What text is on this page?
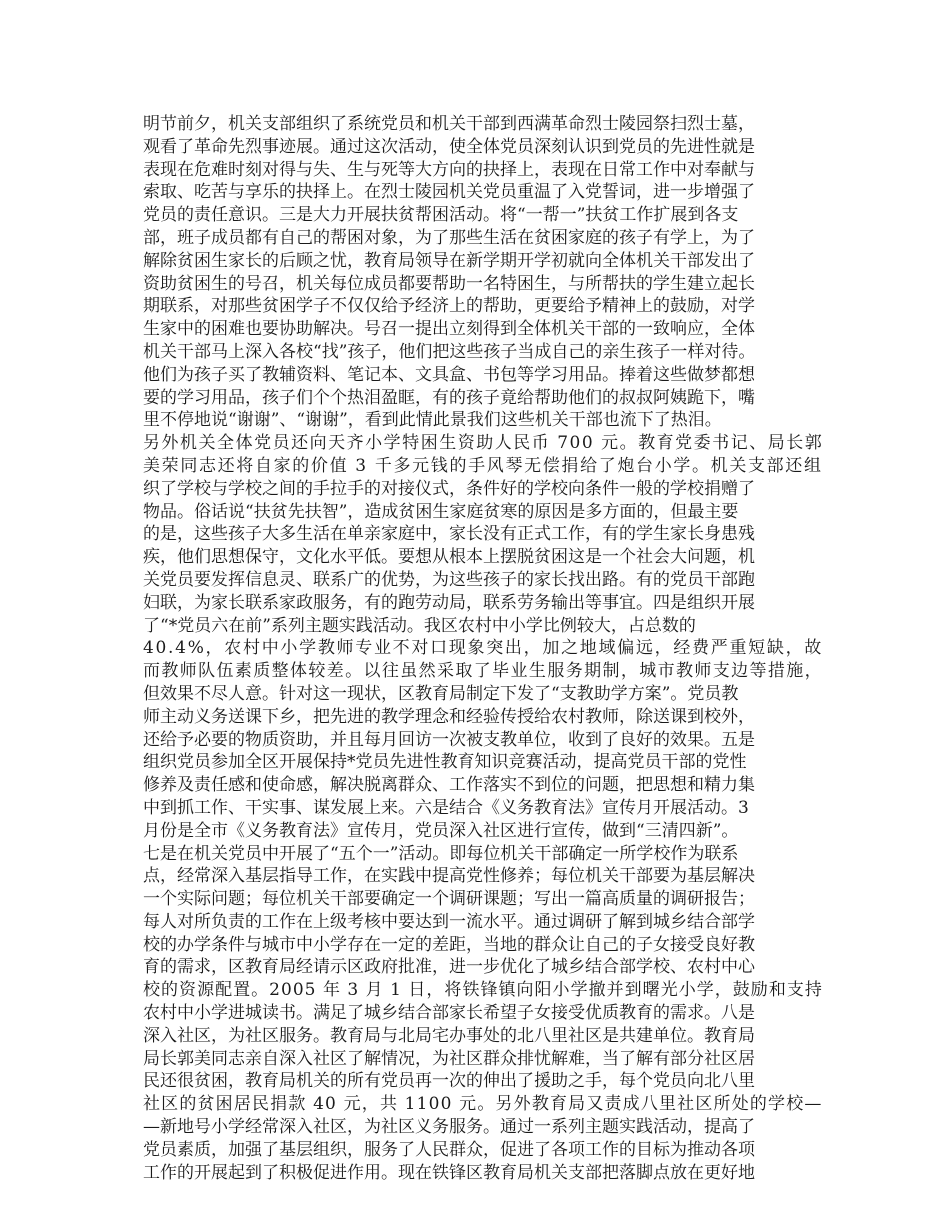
明节前夕，机关支部组织了系统党员和机关干部到西满革命烈士陵园祭扫烈士墓，
观看了革命先烈事迹展。通过这次活动，使全体党员深刻认识到党员的先进性就是
表现在危难时刻对得与失、生与死等大方向的抉择上，表现在日常工作中对奉献与
索取、吃苦与享乐的抉择上。在烈士陵园机关党员重温了入党誓词，进一步增强了
党员的责任意识。三是大力开展扶贫帮困活动。将“一帮一”扶贫工作扩展到各支
部，班子成员都有自己的帮困对象，为了那些生活在贫困家庭的孩子有学上，为了
解除贫困生家长的后顾之忧，教育局领导在新学期开学初就向全体机关干部发出了
资助贫困生的号召，机关每位成员都要帮助一名特困生，与所帮扶的学生建立起长
期联系，对那些贫困学子不仅仅给予经济上的帮助，更要给予精神上的鼓励，对学
生家中的困难也要协助解决。号召一提出立刻得到全体机关干部的一致响应，全体
机关干部马上深入各校“找”孩子，他们把这些孩子当成自己的亲生孩子一样对待。
他们为孩子买了教辅资料、笔记本、文具盒、书包等学习用品。捧着这些做梦都想
要的学习用品，孩子们个个热泪盈眶，有的孩子竟给帮助他们的叔叔阿姨跪下，嘴
里不停地说“谢谢”、“谢谢”，看到此情此景我们这些机关干部也流下了热泪。
另外机关全体党员还向天齐小学特困生资助人民币 700 元。教育党委书记、局长郭
美荣同志还将自家的价值 3 千多元钱的手风琴无偿捐给了炮台小学。机关支部还组
织了学校与学校之间的手拉手的对接仪式，条件好的学校向条件一般的学校捐赠了
物品。俗话说“扶贫先扶智”，造成贫困生家庭贫寒的原因是多方面的，但最主要
的是，这些孩子大多生活在单亲家庭中，家长没有正式工作，有的学生家长身患残
疾，他们思想保守，文化水平低。要想从根本上摆脱贫困这是一个社会大问题，机
关党员要发挥信息灵、联系广的优势，为这些孩子的家长找出路。有的党员干部跑
妇联，为家长联系家政服务，有的跑劳动局，联系劳务输出等事宜。四是组织开展
了“*党员六在前”系列主题实践活动。我区农村中小学比例较大，占总数的
40.4%，农村中小学教师专业不对口现象突出，加之地域偏远，经费严重短缺，故
而教师队伍素质整体较差。以往虽然采取了毕业生服务期制，城市教师支边等措施，
但效果不尽人意。针对这一现状，区教育局制定下发了“支教助学方案”。党员教
师主动义务送课下乡，把先进的教学理念和经验传授给农村教师，除送课到校外，
还给予必要的物质资助，并且每月回访一次被支教单位，收到了良好的效果。五是
组织党员参加全区开展保持*党员先进性教育知识竞赛活动，提高党员干部的党性
修养及责任感和使命感，解决脱离群众、工作落实不到位的问题，把思想和精力集
中到抓工作、干实事、谋发展上来。六是结合《义务教育法》宣传月开展活动。3
月份是全市《义务教育法》宣传月，党员深入社区进行宣传，做到“三清四新”。
七是在机关党员中开展了“五个一”活动。即每位机关干部确定一所学校作为联系
点，经常深入基层指导工作，在实践中提高党性修养；每位机关干部要为基层解决
一个实际问题；每位机关干部要确定一个调研课题；写出一篇高质量的调研报告；
每人对所负责的工作在上级考核中要达到一流水平。通过调研了解到城乡结合部学
校的办学条件与城市中小学存在一定的差距，当地的群众让自己的子女接受良好教
育的需求，区教育局经请示区政府批准，进一步优化了城乡结合部学校、农村中心
校的资源配置。2005 年 3 月 1 日，将铁锋镇向阳小学撤并到曙光小学，鼓励和支持
农村中小学进城读书。满足了城乡结合部家长希望子女接受优质教育的需求。八是
深入社区，为社区服务。教育局与北局宅办事处的北八里社区是共建单位。教育局
局长郭美同志亲自深入社区了解情况，为社区群众排忧解难，当了解有部分社区居
民还很贫困，教育局机关的所有党员再一次的伸出了援助之手，每个党员向北八里
社区的贫困居民捐款 40 元，共 1100 元。另外教育局又责成八里社区所处的学校—
—新地号小学经常深入社区，为社区义务服务。通过一系列主题实践活动，提高了
党员素质，加强了基层组织，服务了人民群众，促进了各项工作的目标为推动各项
工作的开展起到了积极促进作用。现在铁锋区教育局机关支部把落脚点放在更好地
